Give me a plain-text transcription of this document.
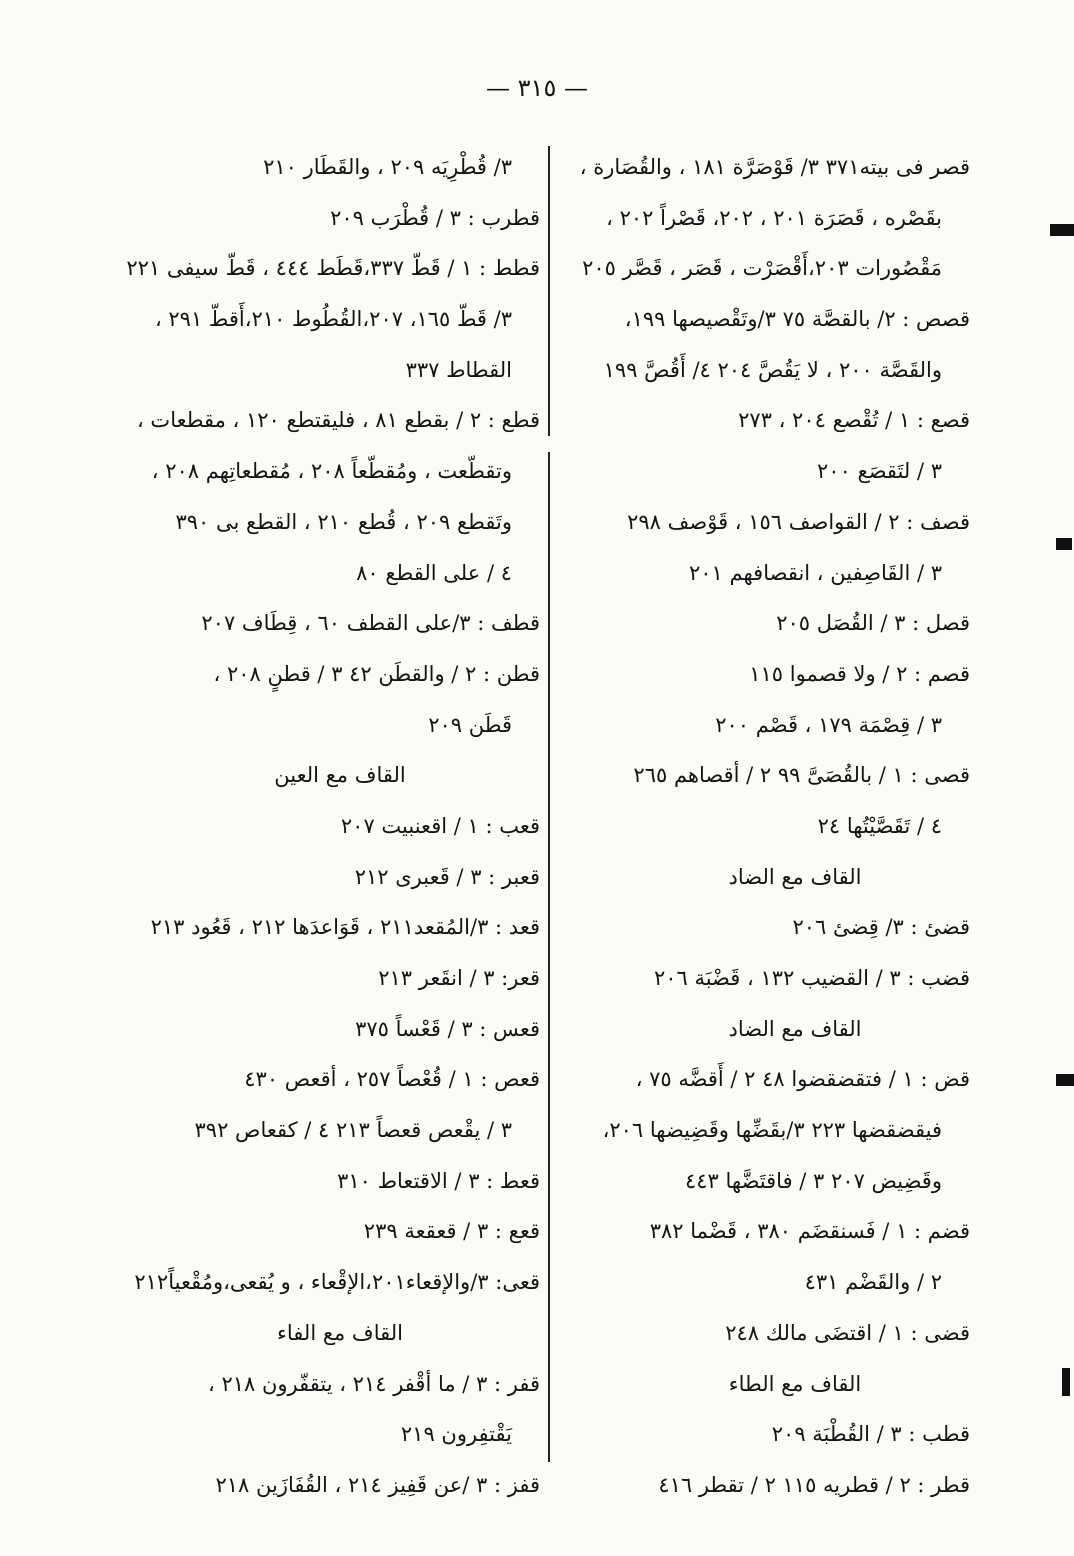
— ٣١٥ —
قصر فى بيته٣٧١ ٣/ قَوْصَرَّة ١٨١ ، والقُصَارة ،
بقَصْره ، قَصَرَة ٢٠١ ، ٢٠٢، قَصْراً ٢٠٢ ،
مَقْصُورات ٢٠٣،أَقْصَرْت ، قَصَر ، قَصَّر ٢٠٥
قصص : ٢/ بالقصَّة ٧٥ ٣/وتَقْصيصها ١٩٩،
والقَصَّة ٢٠٠ ، لا يَقُصَّ ٢٠٤ ٤/ أَقُصَّ ١٩٩
قصع : ١ / تُقْصع ٢٠٤ ، ٢٧٣
٣ / لتَقصَع ٢٠٠
قصف : ٢ / القواصف ١٥٦ ، قَوْصف ٢٩٨
٣ / القَاصِفين ، انقصافهم ٢٠١
قصل : ٣ / القُصَل ٢٠٥
قصم : ٢ / ولا قصموا ١١٥
٣ / قِصْمَة ١٧٩ ، قَصْم ٢٠٠
قصى : ١ / بالقُصَىَّ ٩٩ ٢ / أقصاهم ٢٦٥
٤ / تَقَصَّيْتُها ٢٤
القاف مع الضاد
قضئ : ٣/ قِضئ ٢٠٦
قضب : ٣ / القضيب ١٣٢ ، قَضْبَة ٢٠٦
القاف مع الضاد
قض : ١ / فتقضقضوا ٤٨ ٢ / أَقضَّه ٧٥ ،
فيقضقضها ٢٢٣ ٣/بقَضِّها وقَضِيضها ٢٠٦،
وقَضِيض ٢٠٧ ٣ / فاقتَضَّها ٤٤٣
قضم : ١ / فَسنقضَم ٣٨٠ ، قَضْما ٣٨٢
٢ / والقَضْم ٤٣١
قضى : ١ / اقتضَى مالك ٢٤٨
القاف مع الطاء
قطب : ٣ / القُطْبَة ٢٠٩
قطر : ٢ / قطريه ١١٥ ٢ / تقطر ٤١٦
٣/ قُطْرِيَه ٢٠٩ ، والقَطَار ٢١٠
قطرب : ٣ / قُطْرَب ٢٠٩
قطط : ١ / قَطّ ٣٣٧،قَطَط ٤٤٤ ، قَطّ سيفى ٢٢١
٣/ قَطّ ١٦٥، ٢٠٧،القُطُوط ٢١٠،أَقطّ ٢٩١ ،
القطاط ٣٣٧
قطع : ٢ / بقطع ٨١ ، فليقتطع ١٢٠ ، مقطعات ،
وتقطّعت ، ومُقطّعاً ٢٠٨ ، مُقطعاتِهم ٢٠٨ ،
وتَقطع ٢٠٩ ، قُطع ٢١٠ ، القطع بى ٣٩٠
٤ / على القطع ٨٠
قطف : ٣/على القطف ٦٠ ، قِطَاف ٢٠٧
قطن : ٢ / والقطَن ٤٢ ٣ / قطنٍ ٢٠٨ ،
قَطَن ٢٠٩
القاف مع العين
قعب : ١ / اقعنبيت ٢٠٧
قعبر : ٣ / قَعبرى ٢١٢
قعد : ٣/المُقعد٢١١ ، قَوَاعدَها ٢١٢ ، قَعُود ٢١٣
قعر: ٣ / انقَعر ٢١٣
قعس : ٣ / قَعْساً ٣٧٥
قعص : ١ / قُعْصاً ٢٥٧ ، أقعص ٤٣٠
٣ / يقْعص قعصاً ٢١٣ ٤ / كقعاص ٣٩٢
قعط : ٣ / الاقتعاط ٣١٠
قعع : ٣ / قعقعة ٢٣٩
قعى: ٣/والإقعاء٢٠١،الإقْعاء ، و يُقعى،ومُقْعياً٢١٢
القاف مع الفاء
قفر : ٣ / ما أقْفر ٢١٤ ، يتقفّرون ٢١٨ ،
يَقْتفِرون ٢١٩
قفز : ٣ /عن قَفِيز ٢١٤ ، القُفَازَين ٢١٨
